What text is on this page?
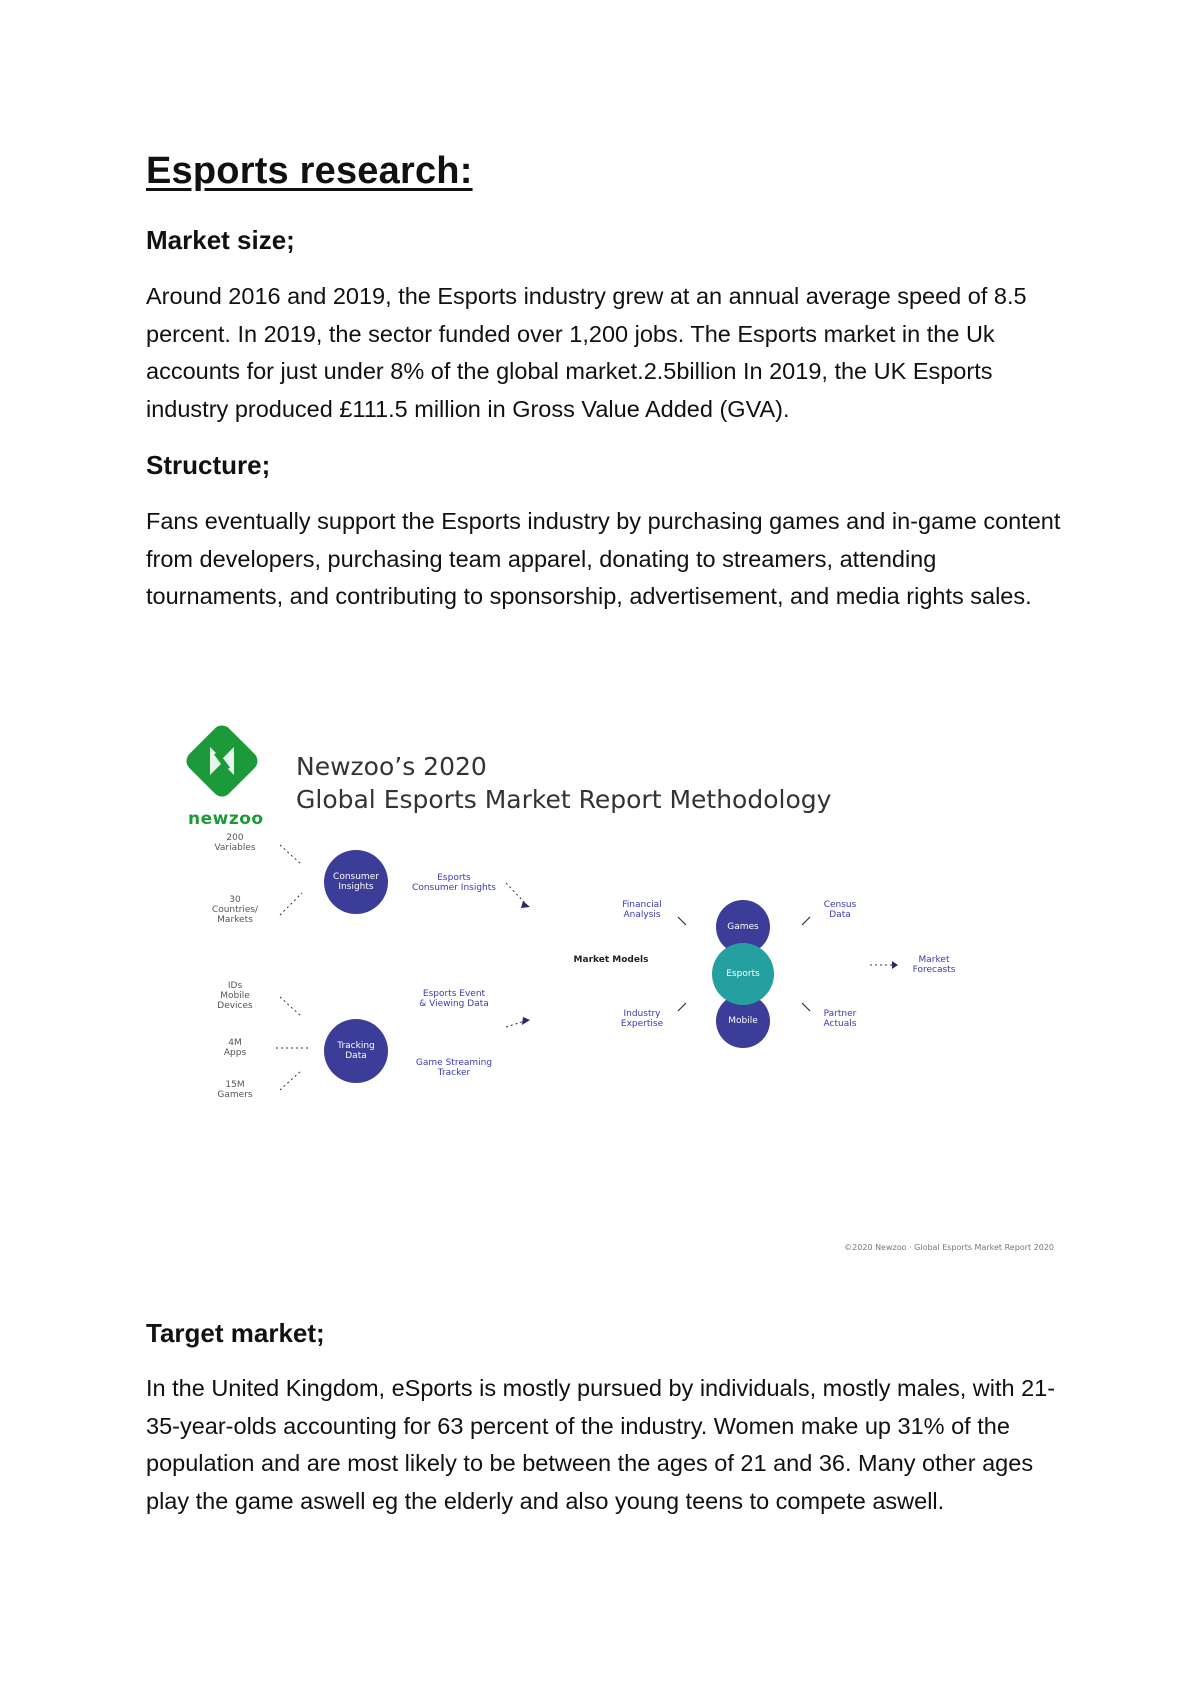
Esports research:
Market size;

Around 2016 and 2019, the Esports industry grew at an annual average speed of 8.5 percent. In 2019, the sector funded over 1,200 jobs. The Esports market in the Uk accounts for just under 8% of the global market.2.5billion In 2019, the UK Esports industry produced £111.5 million in Gross Value Added (GVA).

Structure;

Fans eventually support the Esports industry by purchasing games and in-game content from developers, purchasing team apparel, donating to streamers, attending tournaments, and contributing to sponsorship, advertisement, and media rights sales.

newzoo
Newzoo’s 2020
Global Esports Market Report Methodology
200
Variables
30
Countries/
Markets
IDs
Mobile
Devices
4M
Apps
15M
Gamers
Consumer
Insights
Tracking
Data
Games
Esports
Mobile
Esports
Consumer Insights
Esports Event
& Viewing Data
Game Streaming
Tracker
Market Models
Financial
Analysis
Industry
Expertise
Census
Data
Partner
Actuals
Market
Forecasts
©2020 Newzoo · Global Esports Market Report 2020
Target market;

In the United Kingdom, eSports is mostly pursued by individuals, mostly males, with 21-35-year-olds accounting for 63 percent of the industry. Women make up 31% of the population and are most likely to be between the ages of 21 and 36. Many other ages play the game aswell eg the elderly and also young teens to compete aswell.
